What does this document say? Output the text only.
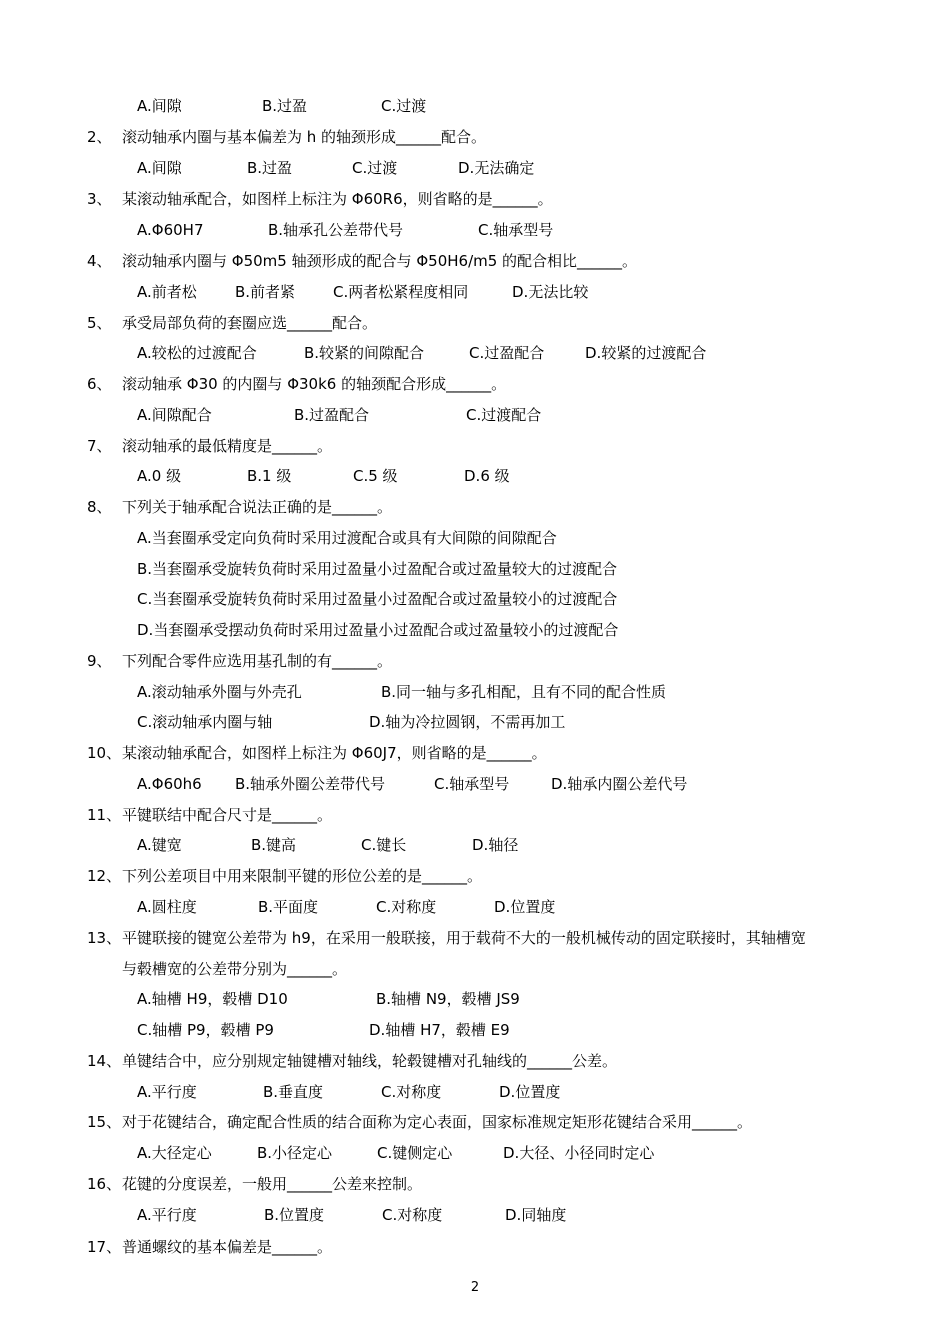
A.间隙	B.过盈	C.过渡
2、 滚动轴承内圈与基本偏差为 h 的轴颈形成______配合。
A.间隙	B.过盈	C.过渡	D.无法确定
3、 某滚动轴承配合，如图样上标注为 Φ60R6，则省略的是______。
A.Φ60H7	B.轴承孔公差带代号	C.轴承型号
4、 滚动轴承内圈与 Φ50m5 轴颈形成的配合与 Φ50H6/m5 的配合相比______。
A.前者松	B.前者紧	C.两者松紧程度相同	D.无法比较
5、 承受局部负荷的套圈应选______配合。
A.较松的过渡配合	B.较紧的间隙配合	C.过盈配合	D.较紧的过渡配合
6、 滚动轴承 Φ30 的内圈与 Φ30k6 的轴颈配合形成______。
A.间隙配合	B.过盈配合	C.过渡配合
7、 滚动轴承的最低精度是______。
A.0 级	B.1 级	C.5 级	D.6 级
8、 下列关于轴承配合说法正确的是______。
A.当套圈承受定向负荷时采用过渡配合或具有大间隙的间隙配合
B.当套圈承受旋转负荷时采用过盈量小过盈配合或过盈量较大的过渡配合
C.当套圈承受旋转负荷时采用过盈量小过盈配合或过盈量较小的过渡配合
D.当套圈承受摆动负荷时采用过盈量小过盈配合或过盈量较小的过渡配合
9、 下列配合零件应选用基孔制的有______。
A.滚动轴承外圈与外壳孔	B.同一轴与多孔相配，且有不同的配合性质
C.滚动轴承内圈与轴	D.轴为冷拉圆钢，不需再加工
10、 某滚动轴承配合，如图样上标注为 Φ60J7，则省略的是______。
A.Φ60h6 B.轴承外圈公差带代号	C.轴承型号	D.轴承内圈公差代号
11、 平键联结中配合尺寸是______。
A.键宽	B.键高	C.键长	D.轴径
12、 下列公差项目中用来限制平键的形位公差的是______。
A.圆柱度	B.平面度	C.对称度	D.位置度
13、 平键联接的键宽公差带为 h9，在采用一般联接，用于载荷不大的一般机械传动的固定联接时，其轴槽宽
与毂槽宽的公差带分别为______。
A.轴槽 H9，毂槽 D10	B.轴槽 N9，毂槽 JS9
C.轴槽 P9，毂槽 P9	D.轴槽 H7，毂槽 E9
14、 单键结合中，应分别规定轴键槽对轴线，轮毂键槽对孔轴线的______公差。
A.平行度	B.垂直度	C.对称度	D.位置度
15、 对于花键结合，确定配合性质的结合面称为定心表面，国家标准规定矩形花键结合采用______。
A.大径定心	B.小径定心	C.键侧定心	D.大径、小径同时定心
16、 花键的分度误差，一般用______公差来控制。
A.平行度	B.位置度	C.对称度	D.同轴度
17、 普通螺纹的基本偏差是______。
2
